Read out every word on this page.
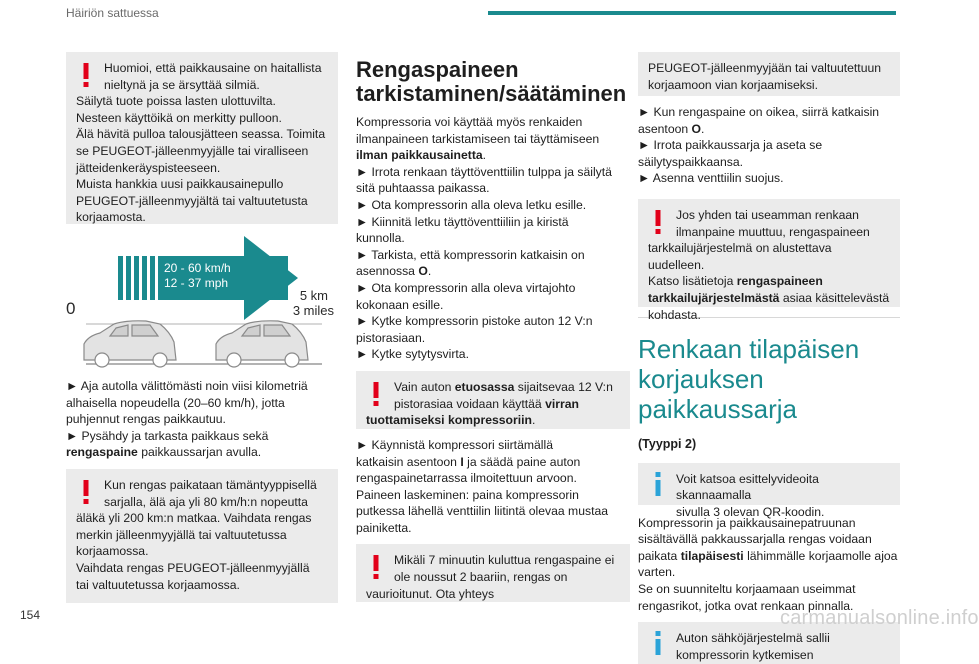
Häiriön sattuessa

Huomioi, että paikkausaine on haitallista

nieltynä ja se ärsyttää silmiä.

Säilytä tuote poissa lasten ulottuvilta.

Nesteen käyttöikä on merkitty pulloon.

Älä hävitä pulloa talousjätteen seassa. Toimita

se PEUGEOT-jälleenmyyjälle tai viralliseen

jätteidenkeräyspisteeseen.

Muista hankkia uusi paikkausainepullo

PEUGEOT-jälleenmyyjältä tai valtuutetusta

korjaamosta.

20 - 60 km/h
12 - 37 mph
0
5 km
3 miles

► Aja autolla välittömästi noin viisi kilometriä

alhaisella nopeudella (20–60 km/h), jotta

puhjennut rengas paikkautuu.

► Pysähdy ja tarkasta paikkaus sekä

rengaspaine paikkaussarjan avulla.

Kun rengas paikataan tämäntyyppisellä

sarjalla, älä aja yli 80 km/h:n nopeutta

äläkä yli 200 km:n matkaa. Vaihdata rengas

merkin jälleenmyyjällä tai valtuutetussa

korjaamossa.

Vaihdata rengas PEUGEOT-jälleenmyyjällä

tai valtuutetussa korjaamossa.

Rengaspaineen
tarkistaminen/säätäminen

Kompressoria voi käyttää myös renkaiden

ilmanpaineen tarkistamiseen tai täyttämiseen

ilman paikkausainetta.

► Irrota renkaan täyttöventtiilin tulppa ja säilytä

sitä puhtaassa paikassa.

► Ota kompressorin alla oleva letku esille.

► Kiinnitä letku täyttöventtiiliin ja kiristä

kunnolla.

► Tarkista, että kompressorin katkaisin on

asennossa O.

► Ota kompressorin alla oleva virtajohto

kokonaan esille.

► Kytke kompressorin pistoke auton 12 V:n

pistorasiaan.

► Kytke sytytysvirta.

Vain auton etuosassa sijaitsevaa 12 V:n

pistorasiaa voidaan käyttää virran

tuottamiseksi kompressoriin.

► Käynnistä kompressori siirtämällä

katkaisin asentoon I ja säädä paine auton

rengaspainetarrassa ilmoitettuun arvoon.

Paineen laskeminen: paina kompressorin

putkessa lähellä venttiilin liitintä olevaa mustaa

painiketta.

Mikäli 7 minuutin kuluttua rengaspaine ei

ole noussut 2 baariin, rengas on

vaurioitunut. Ota yhteys

PEUGEOT-jälleenmyyjään tai valtuutettuun

korjaamoon vian korjaamiseksi.

► Kun rengaspaine on oikea, siirrä katkaisin

asentoon O.

► Irrota paikkaussarja ja aseta se

säilytyspaikkaansa.

► Asenna venttiilin suojus.

Jos yhden tai useamman renkaan

ilmanpaine muuttuu, rengaspaineen

tarkkailujärjestelmä on alustettava uudelleen.

Katso lisätietoja rengaspaineen

tarkkailujärjestelmästä asiaa käsittelevästä

kohdasta.

Renkaan tilapäisen
korjauksen paikkaussarja

(Tyyppi 2)

Voit katsoa esittelyvideoita skannaamalla

sivulla 3 olevan QR-koodin.

Kompressorin ja paikkausainepatruunan

sisältävällä pakkaussarjalla rengas voidaan

paikata tilapäisesti lähimmälle korjaamolle ajoa

varten.

Se on suunniteltu korjaamaan useimmat

rengasrikot, jotka ovat renkaan pinnalla.

Auton sähköjärjestelmä sallii

kompressorin kytkemisen

154	carmanualsonline.info
